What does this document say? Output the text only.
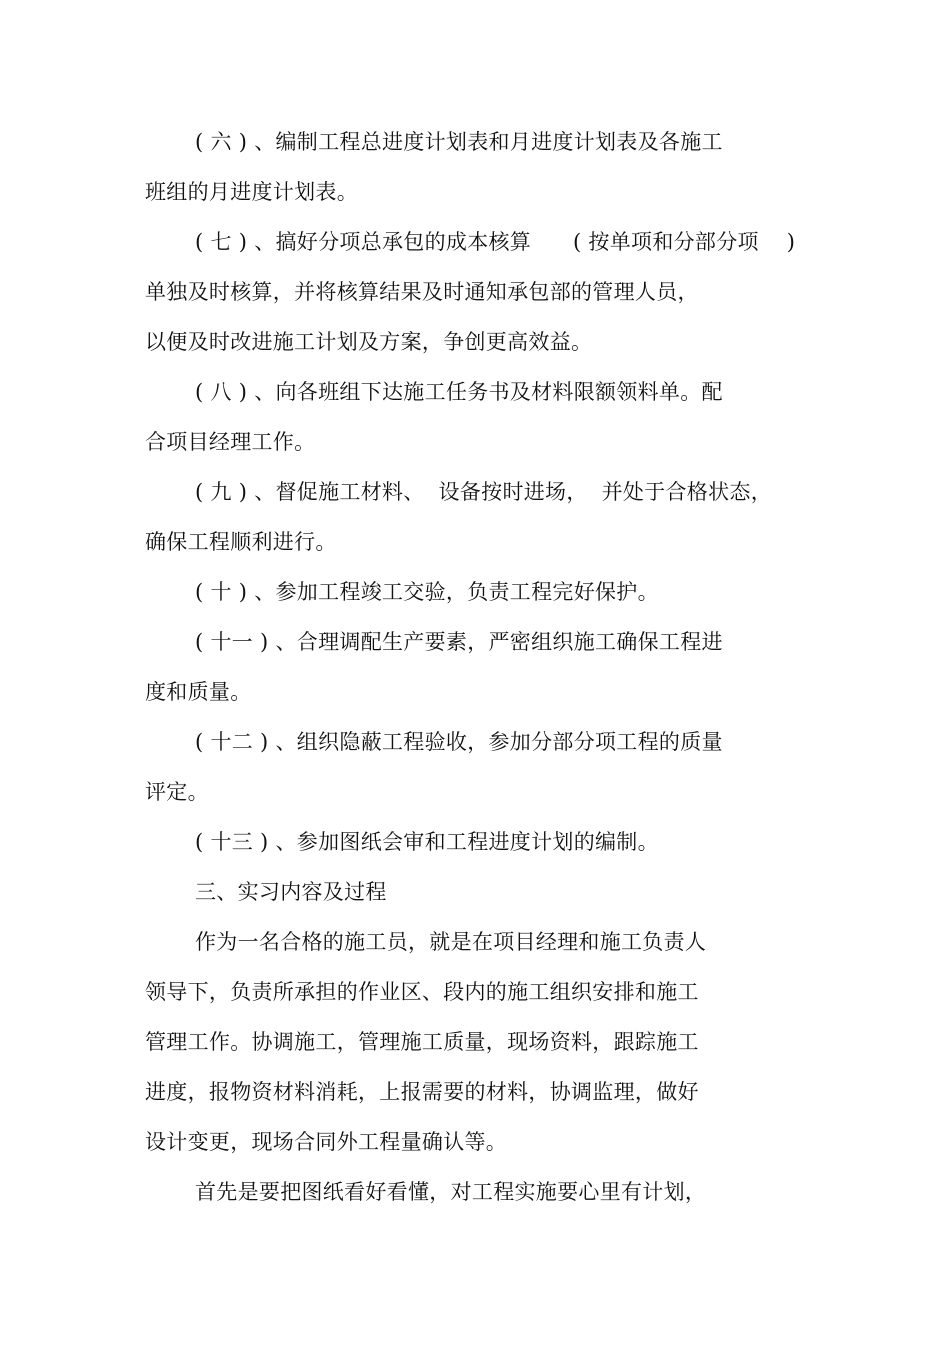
( 六 ) 、编制工程总进度计划表和月进度计划表及各施工
班组的月进度计划表。
( 七 ) 、搞好分项总承包的成本核算      ( 按单项和分部分项    )
单独及时核算，并将核算结果及时通知承包部的管理人员，
以便及时改进施工计划及方案，争创更高效益。
( 八 ) 、向各班组下达施工任务书及材料限额领料单。配
合项目经理工作。
( 九 ) 、督促施工材料、  设备按时进场，  并处于合格状态，
确保工程顺利进行。
( 十 ) 、参加工程竣工交验，负责工程完好保护。
( 十一 ) 、合理调配生产要素，严密组织施工确保工程进
度和质量。
( 十二 ) 、组织隐蔽工程验收，参加分部分项工程的质量
评定。
( 十三 ) 、参加图纸会审和工程进度计划的编制。
三、实习内容及过程
作为一名合格的施工员，就是在项目经理和施工负责人
领导下，负责所承担的作业区、段内的施工组织安排和施工
管理工作。协调施工，管理施工质量，现场资料，跟踪施工
进度，报物资材料消耗，上报需要的材料，协调监理，做好
设计变更，现场合同外工程量确认等。
首先是要把图纸看好看懂，对工程实施要心里有计划，
